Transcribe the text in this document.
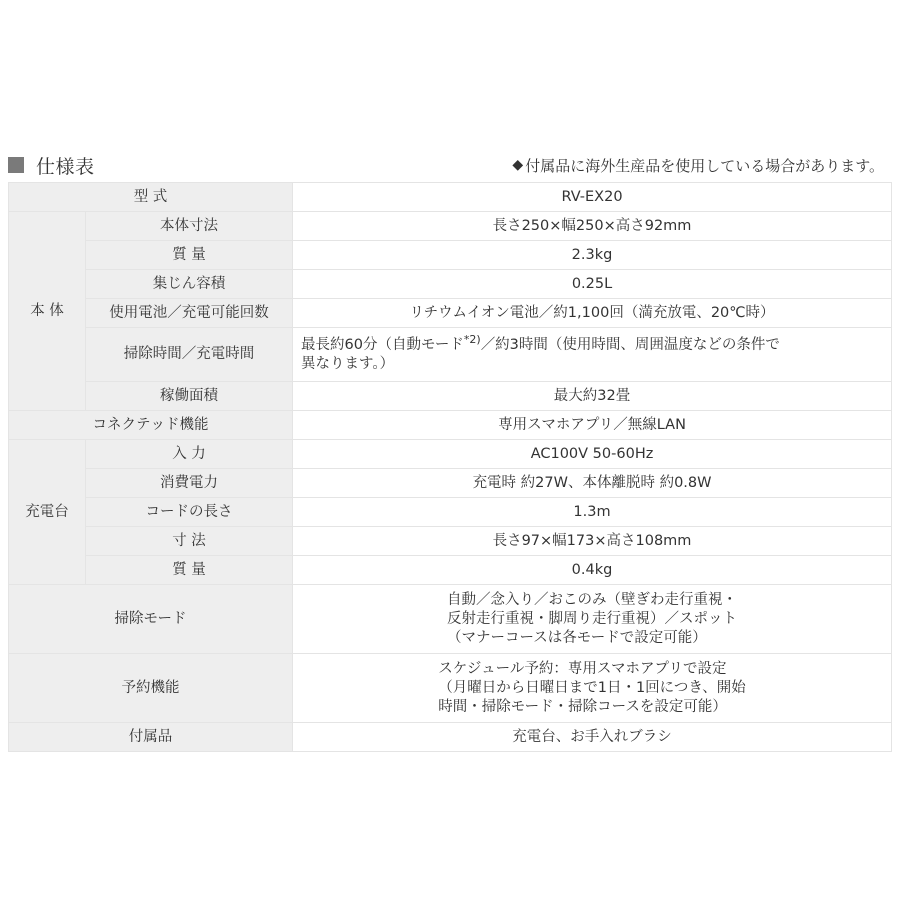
仕様表	◆ 付属品に海外生産品を使用している場合があります。
型 式		RV-EX20
本 体	本体寸法	長さ250×幅250×高さ92mm
	質 量	2.3kg
	集じん容積	0.25L
	使用電池／充電可能回数	リチウムイオン電池／約1,100回（満充放電、20℃時）
	掃除時間／充電時間	最長約60分（自動モード$^{*2)}$／約3時間（使用時間、周囲温度などの条件で
異なります。）

	稼働面積	最大約32畳
コネクテッド機能		専用スマホアプリ／無線LAN
充電台	入 力	AC100V 50-60Hz
	消費電力	充電時 約27W、本体離脱時 約0.8W
	コードの長さ	1.3m
	寸 法	長さ97×幅173×高さ108mm
	質 量	0.4kg
掃除モード		自動／念入り／おこのみ（壁ぎわ走行重視・
反射走行重視・脚周り走行重視）／スポット
（マナーコースは各モードで設定可能）

予約機能		スケジュール予約：専用スマホアプリで設定
（月曜日から日曜日まで1日・1回につき、開始
時間・掃除モード・掃除コースを設定可能）

付属品		充電台、お手入れブラシ
